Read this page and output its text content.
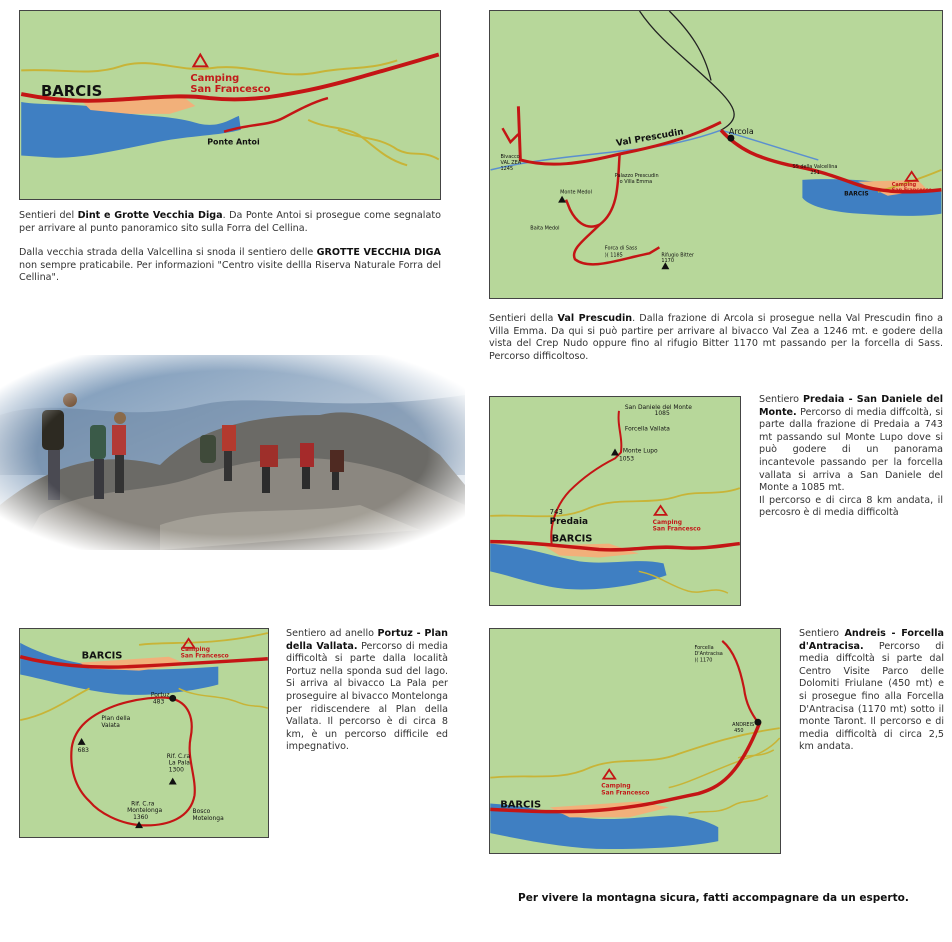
BARCIS
Camping
San Francesco
Ponte Antoi

Sentieri del Dint e Grotte Vecchia Diga. Da Ponte Antoi si prosegue come segnalato per arrivare al punto panoramico sito sulla Forra del Cellina.

Dalla vecchia strada della Valcellina si snoda il sentiero delle GROTTE VECCHIA DIGA non sempre praticabile. Per informazioni "Centro visite dellla Riserva Naturale Forra del Cellina".

Val Prescudin	Arcola
Bivacco
VAL ZEA
1245
Palazzo Prescudin
o Villa Emma
SS della Valcellina
251
Monte Medol
Baita Medol
Forca di Sass
)( 1185	Rifugio Bitter
1170
Camping
San Francesco
BARCIS

Sentieri della Val Prescudin. Dalla frazione di Arcola si prosegue nella Val Prescudin fino a Villa Emma. Da qui si può partire per arrivare al bivacco Val Zea a 1246 mt. e godere della vista del Crep Nudo oppure fino al rifugio Bitter 1170 mt passando per la forcella di Sass. Percorso difficoltoso.

San Daniele del Monte
1085
Forcella Vallata
Monte Lupo
1053
743
Predaia	Camping
San Francesco
BARCIS

Sentiero Predaia - San Daniele del Monte. Percorso di media diffcoltà, si parte dalla frazione di Predaia a 743 mt passando sul Monte Lupo dove si può godere di un panorama incantevole passando per la forcella vallata si arriva a San Daniele del Monte a 1085 mt.

Il percorso e di circa 8 km andata, il percosro è di media difficoltà

BARCIS
Camping
San Francesco
Portuz
483
Plan della
Valata
683
Rif. C.ra
La Pala
1300
Rif. C.ra
Montelonga
1360
Bosco
Motelonga

Sentiero ad anello Portuz - Plan della Vallata. Percorso di media difficoltà si parte dalla località Portuz nella sponda sud del lago. Si arriva al bivacco La Pala per proseguire al bivacco Montelonga per ridiscendere al Plan della Vallata. Il percorso è di circa 8 km, è un percorso difficile ed impegnativo.

Forcella
D'Antracisa
)( 1170
ANDREIS
450
Camping
San Francesco
BARCIS

Sentiero Andreis - Forcella d'Antracisa. Percorso di media diffcoltà si parte dal Centro Visite Parco delle Dolomiti Friulane (450 mt) e si prosegue fino alla Forcella D'Antracisa (1170 mt) sotto il monte Taront. Il percorso e di media difficoltà di circa 2,5 km andata.

Per vivere la montagna sicura, fatti accompagnare da un esperto.
